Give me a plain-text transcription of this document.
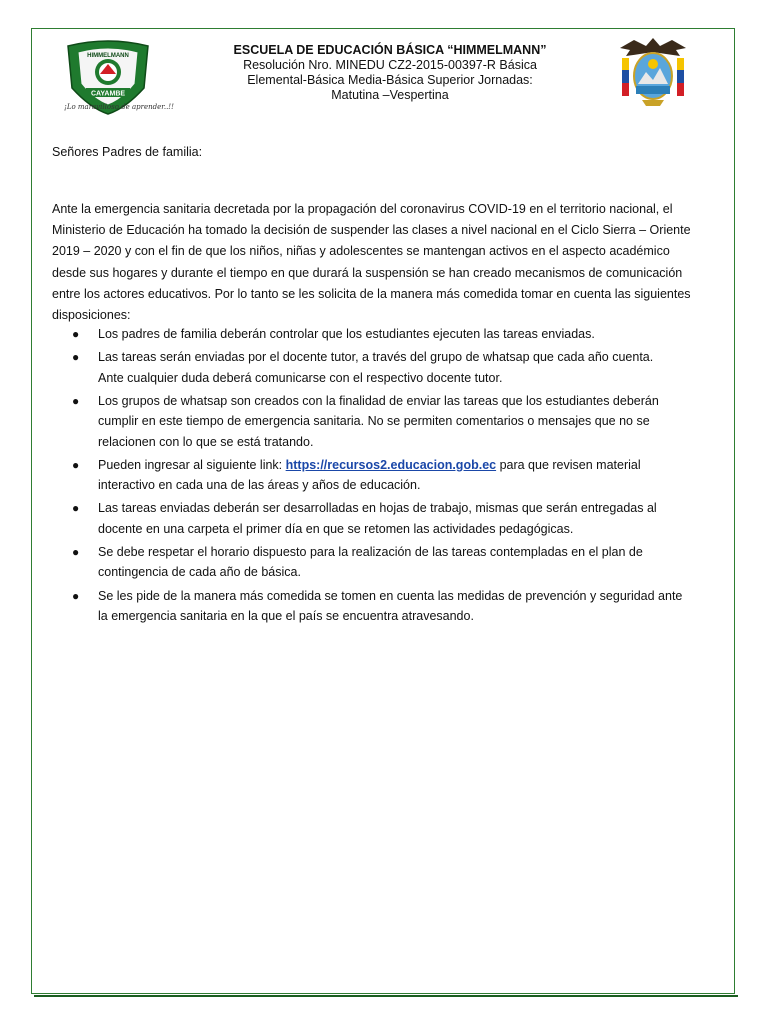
HIMMELMANN
CAYAMBE
¡Lo maravilloso de aprender..!!
ESCUELA DE EDUCACIÓN BÁSICA “HIMMELMANN”
Resolución Nro. MINEDU CZ2-2015-00397-R Básica
Elemental-Básica Media-Básica Superior Jornadas:
Matutina –Vespertina
Señores Padres de familia:
Ante la emergencia sanitaria decretada por la propagación del coronavirus COVID-19 en el territorio nacional, el
Ministerio de Educación ha tomado la decisión de suspender las clases a nivel nacional en el Ciclo Sierra – Oriente
2019 – 2020 y con el fin de que los niños, niñas y adolescentes se mantengan activos en el aspecto académico
desde sus hogares y durante el tiempo en que durará la suspensión se han creado mecanismos de comunicación
entre los actores educativos. Por lo tanto se les solicita de la manera más comedida tomar en cuenta las siguientes
disposiciones:
● Los padres de familia deberán controlar que los estudiantes ejecuten las tareas enviadas.
● Las tareas serán enviadas por el docente tutor, a través del grupo de whatsap que cada año cuenta.
Ante cualquier duda deberá comunicarse con el respectivo docente tutor.
● Los grupos de whatsap son creados con la finalidad de enviar las tareas que los estudiantes deberán
cumplir en este tiempo de emergencia sanitaria. No se permiten comentarios o mensajes que no se
relacionen con lo que se está tratando.
● Pueden ingresar al siguiente link: https://recursos2.educacion.gob.ec para que revisen material
interactivo en cada una de las áreas y años de educación.
● Las tareas enviadas deberán ser desarrolladas en hojas de trabajo, mismas que serán entregadas al
docente en una carpeta el primer día en que se retomen las actividades pedagógicas.
● Se debe respetar el horario dispuesto para la realización de las tareas contempladas en el plan de
contingencia de cada año de básica.
● Se les pide de la manera más comedida se tomen en cuenta las medidas de prevención y seguridad ante
la emergencia sanitaria en la que el país se encuentra atravesando.
